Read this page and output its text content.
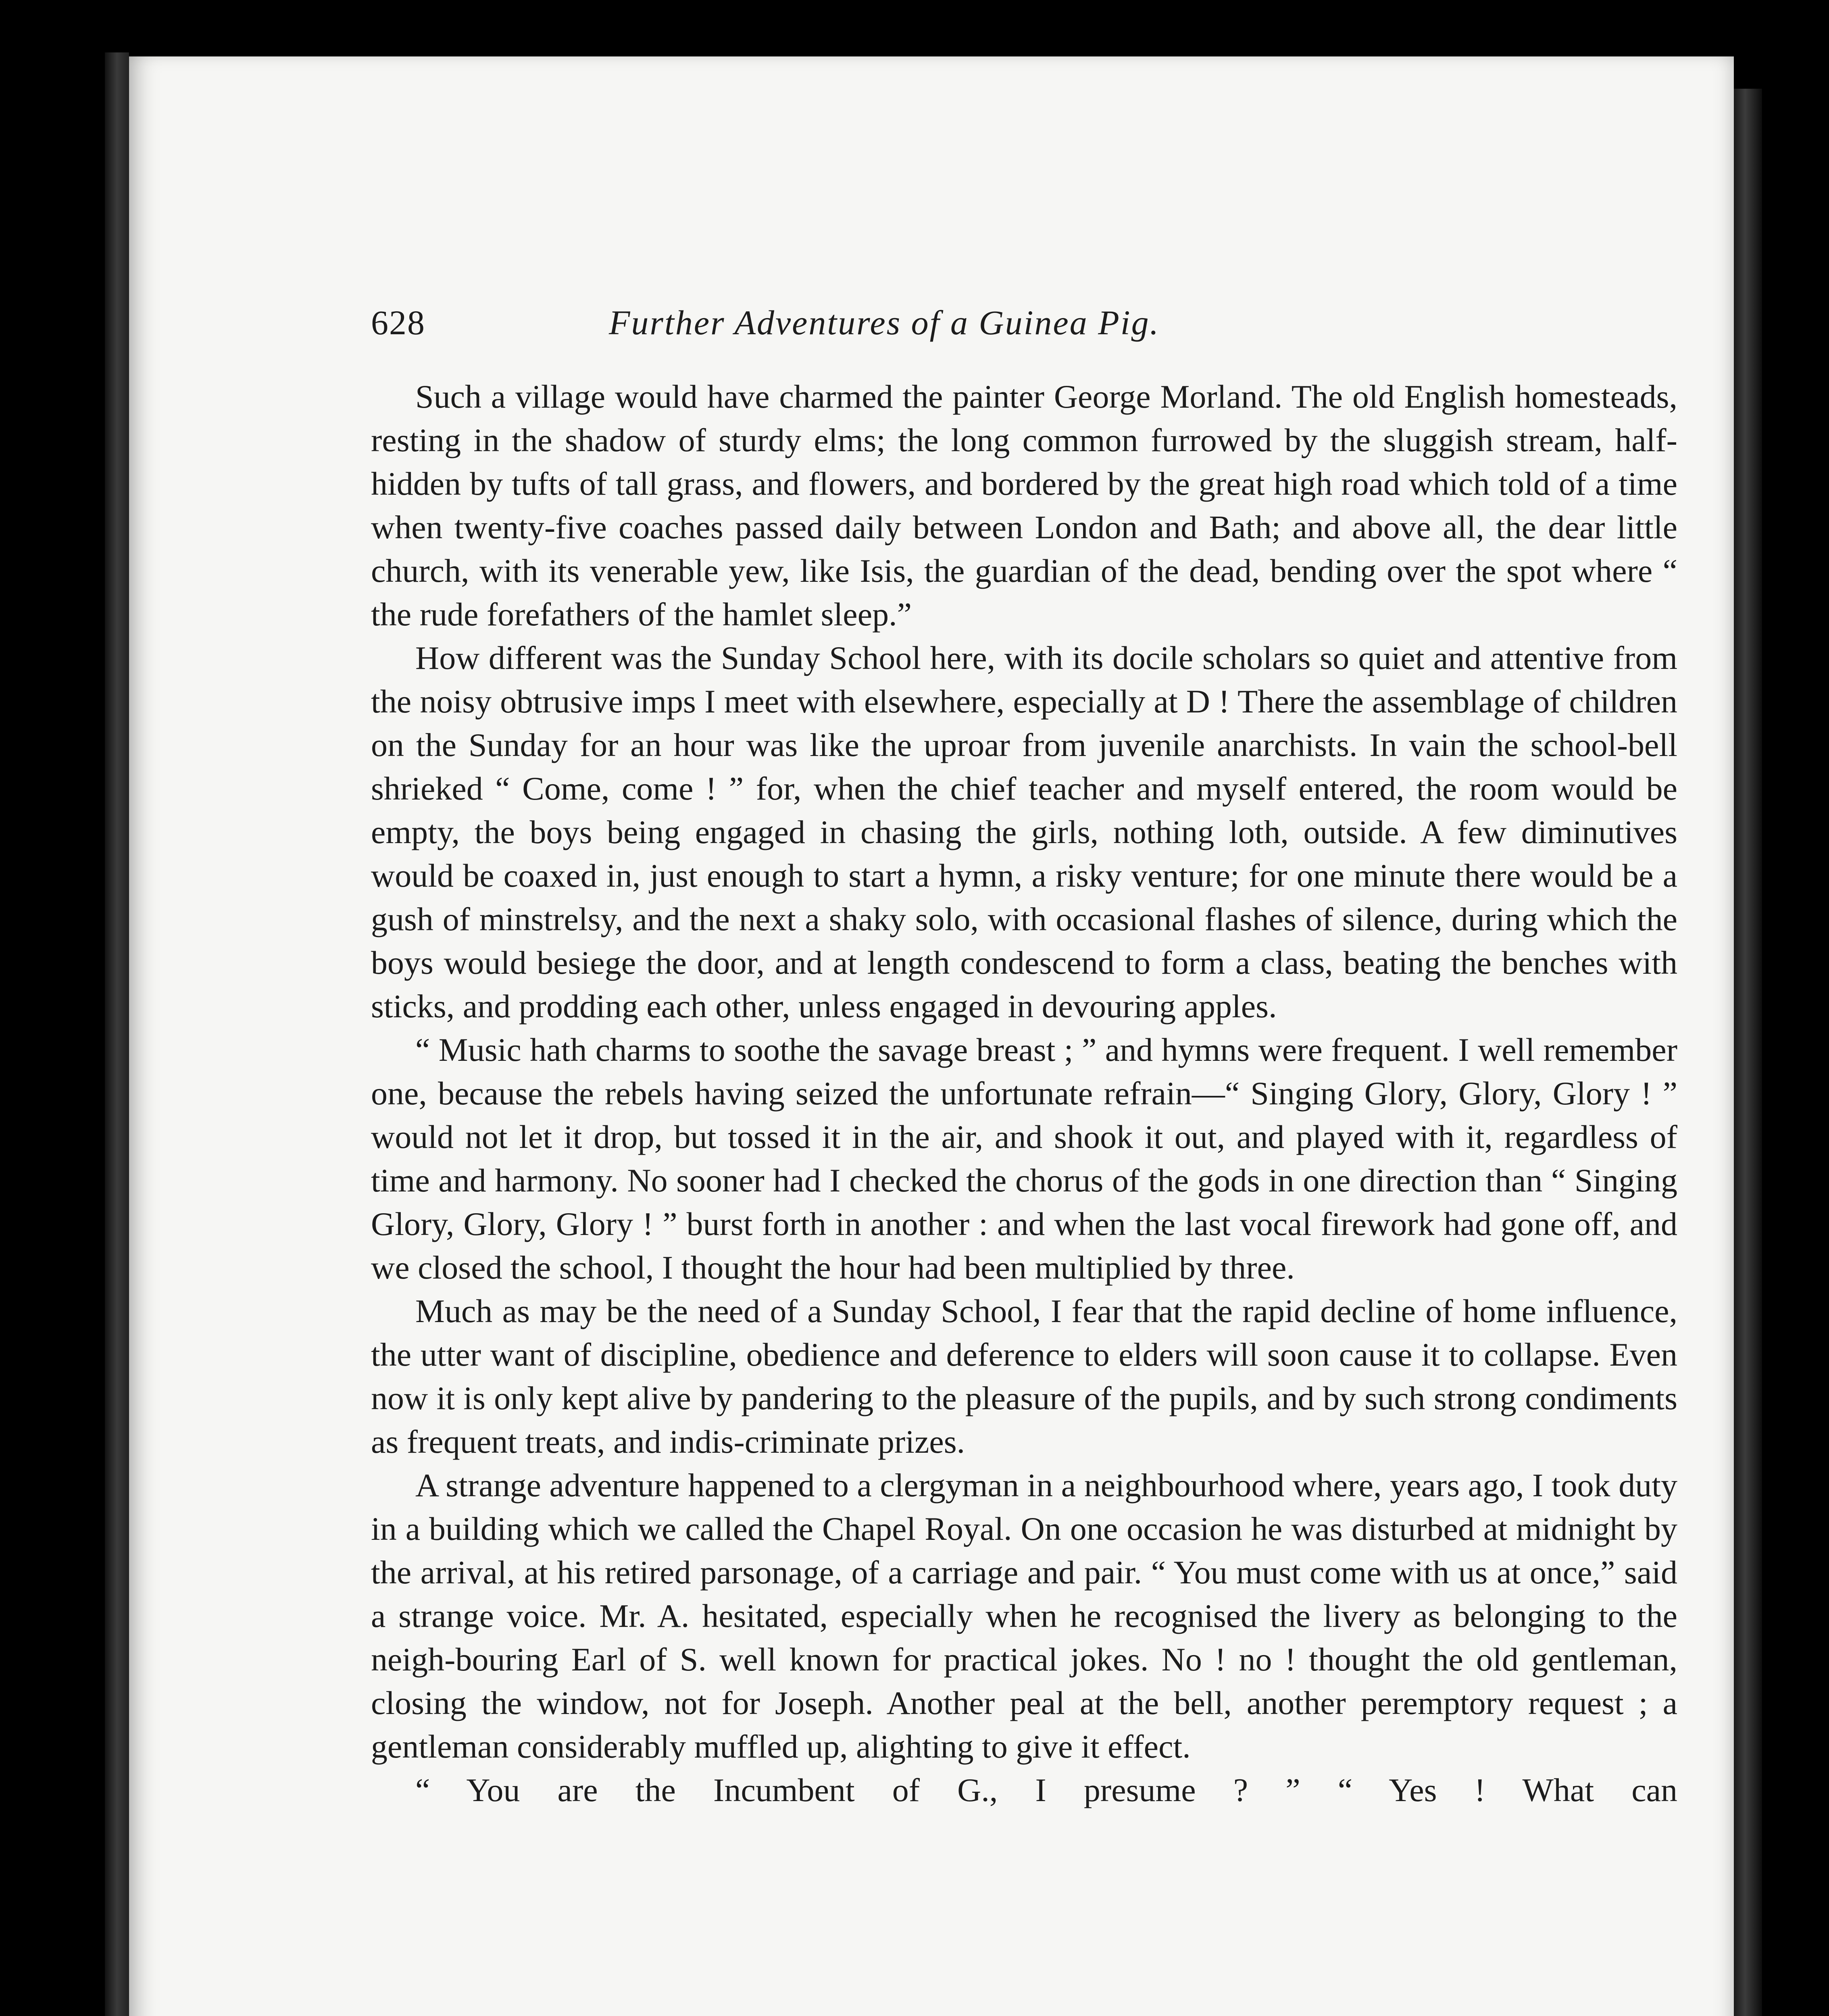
628	Further Adventures of a Guinea Pig.

Such a village would have charmed the painter George Morland. The old English homesteads, resting in the shadow of sturdy elms; the long common furrowed by the sluggish stream, half-hidden by tufts of tall grass, and flowers, and bordered by the great high road which told of a time when twenty-five coaches passed daily between London and Bath; and above all, the dear little church, with its venerable yew, like Isis, the guardian of the dead, bending over the spot where “ the rude forefathers of the hamlet sleep.”

How different was the Sunday School here, with its docile scholars so quiet and attentive from the noisy obtrusive imps I meet with elsewhere, especially at D ! There the assemblage of children on the Sunday for an hour was like the uproar from juvenile anarchists. In vain the school-bell shrieked “ Come, come ! ” for, when the chief teacher and myself entered, the room would be empty, the boys being engaged in chasing the girls, nothing loth, outside. A few diminutives would be coaxed in, just enough to start a hymn, a risky venture; for one minute there would be a gush of minstrelsy, and the next a shaky solo, with occasional flashes of silence, during which the boys would besiege the door, and at length condescend to form a class, beating the benches with sticks, and prodding each other, unless engaged in devouring apples.

“ Music hath charms to soothe the savage breast ; ” and hymns were frequent. I well remember one, because the rebels having seized the unfortunate refrain—“ Singing Glory, Glory, Glory ! ” would not let it drop, but tossed it in the air, and shook it out, and played with it, regardless of time and harmony. No sooner had I checked the chorus of the gods in one direction than “ Singing Glory, Glory, Glory ! ” burst forth in another : and when the last vocal firework had gone off, and we closed the school, I thought the hour had been multiplied by three.

Much as may be the need of a Sunday School, I fear that the rapid decline of home influence, the utter want of discipline, obedience and deference to elders will soon cause it to collapse. Even now it is only kept alive by pandering to the pleasure of the pupils, and by such strong condiments as frequent treats, and indis-criminate prizes.

A strange adventure happened to a clergyman in a neighbourhood where, years ago, I took duty in a building which we called the Chapel Royal. On one occasion he was disturbed at midnight by the arrival, at his retired parsonage, of a carriage and pair. “ You must come with us at once,” said a strange voice. Mr. A. hesitated, especially when he recognised the livery as belonging to the neigh-bouring Earl of S. well known for practical jokes. No ! no ! thought the old gentleman, closing the window, not for Joseph. Another peal at the bell, another peremptory request ; a gentleman considerably muffled up, alighting to give it effect.

“ You are the Incumbent of G., I presume ? ” “ Yes ! What can
